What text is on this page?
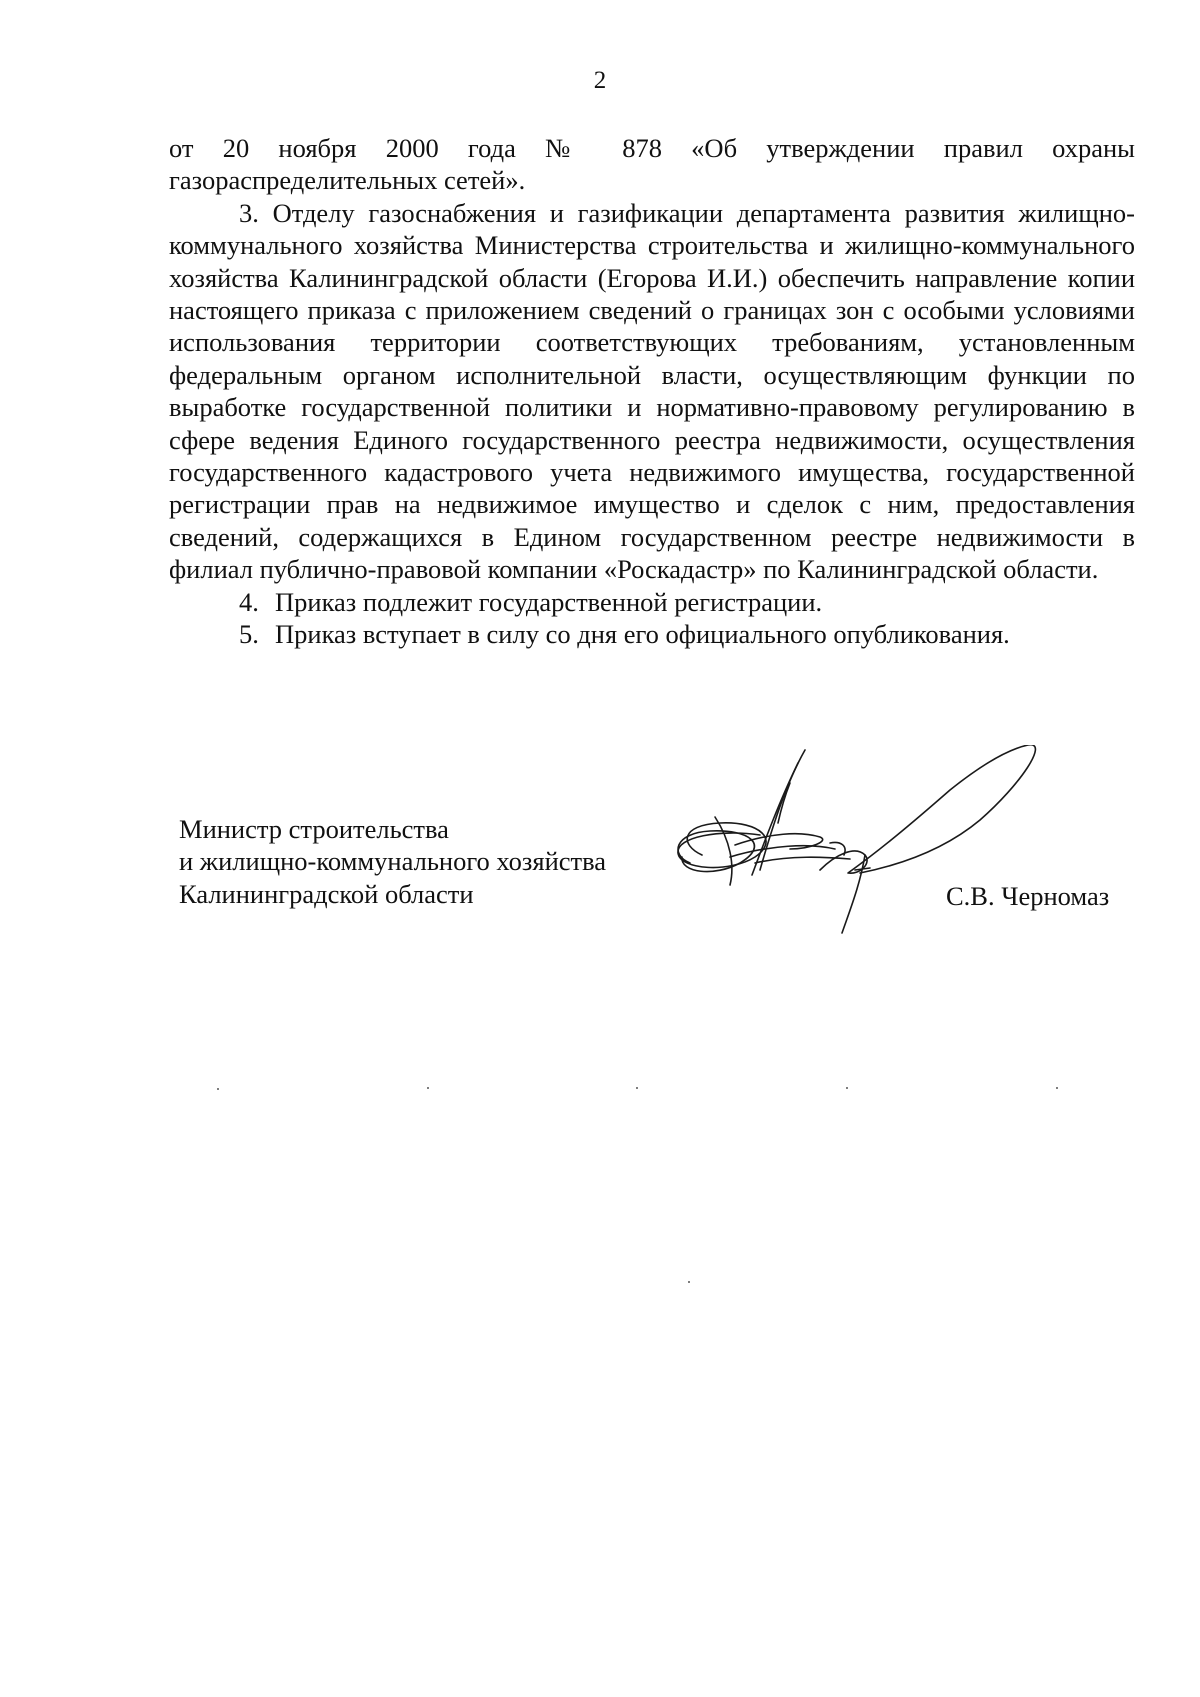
2

от 20 ноября 2000 года № 878 «Об утверждении правил охраны газораспределительных сетей».

3. Отделу газоснабжения и газификации департамента развития жилищно-коммунального хозяйства Министерства строительства и жилищно-коммунального хозяйства Калининградской области (Егорова И.И.) обеспечить направление копии настоящего приказа с приложением сведений о границах зон с особыми условиями использования территории соответствующих требованиям, установленным федеральным органом исполнительной власти, осуществляющим функции по выработке государственной политики и нормативно-правовому регулированию в сфере ведения Единого государственного реестра недвижимости, осуществления государственного кадастрового учета недвижимого имущества, государственной регистрации прав на недвижимое имущество и сделок с ним, предоставления сведений, содержащихся в Едином государственном реестре недвижимости в филиал публично-правовой компании «Роскадастр» по Калининградской области.

4. Приказ подлежит государственной регистрации.

5. Приказ вступает в силу со дня его официального опубликования.

Министр строительства
и жилищно-коммунального хозяйства
Калининградской области	С.В. Черномаз
